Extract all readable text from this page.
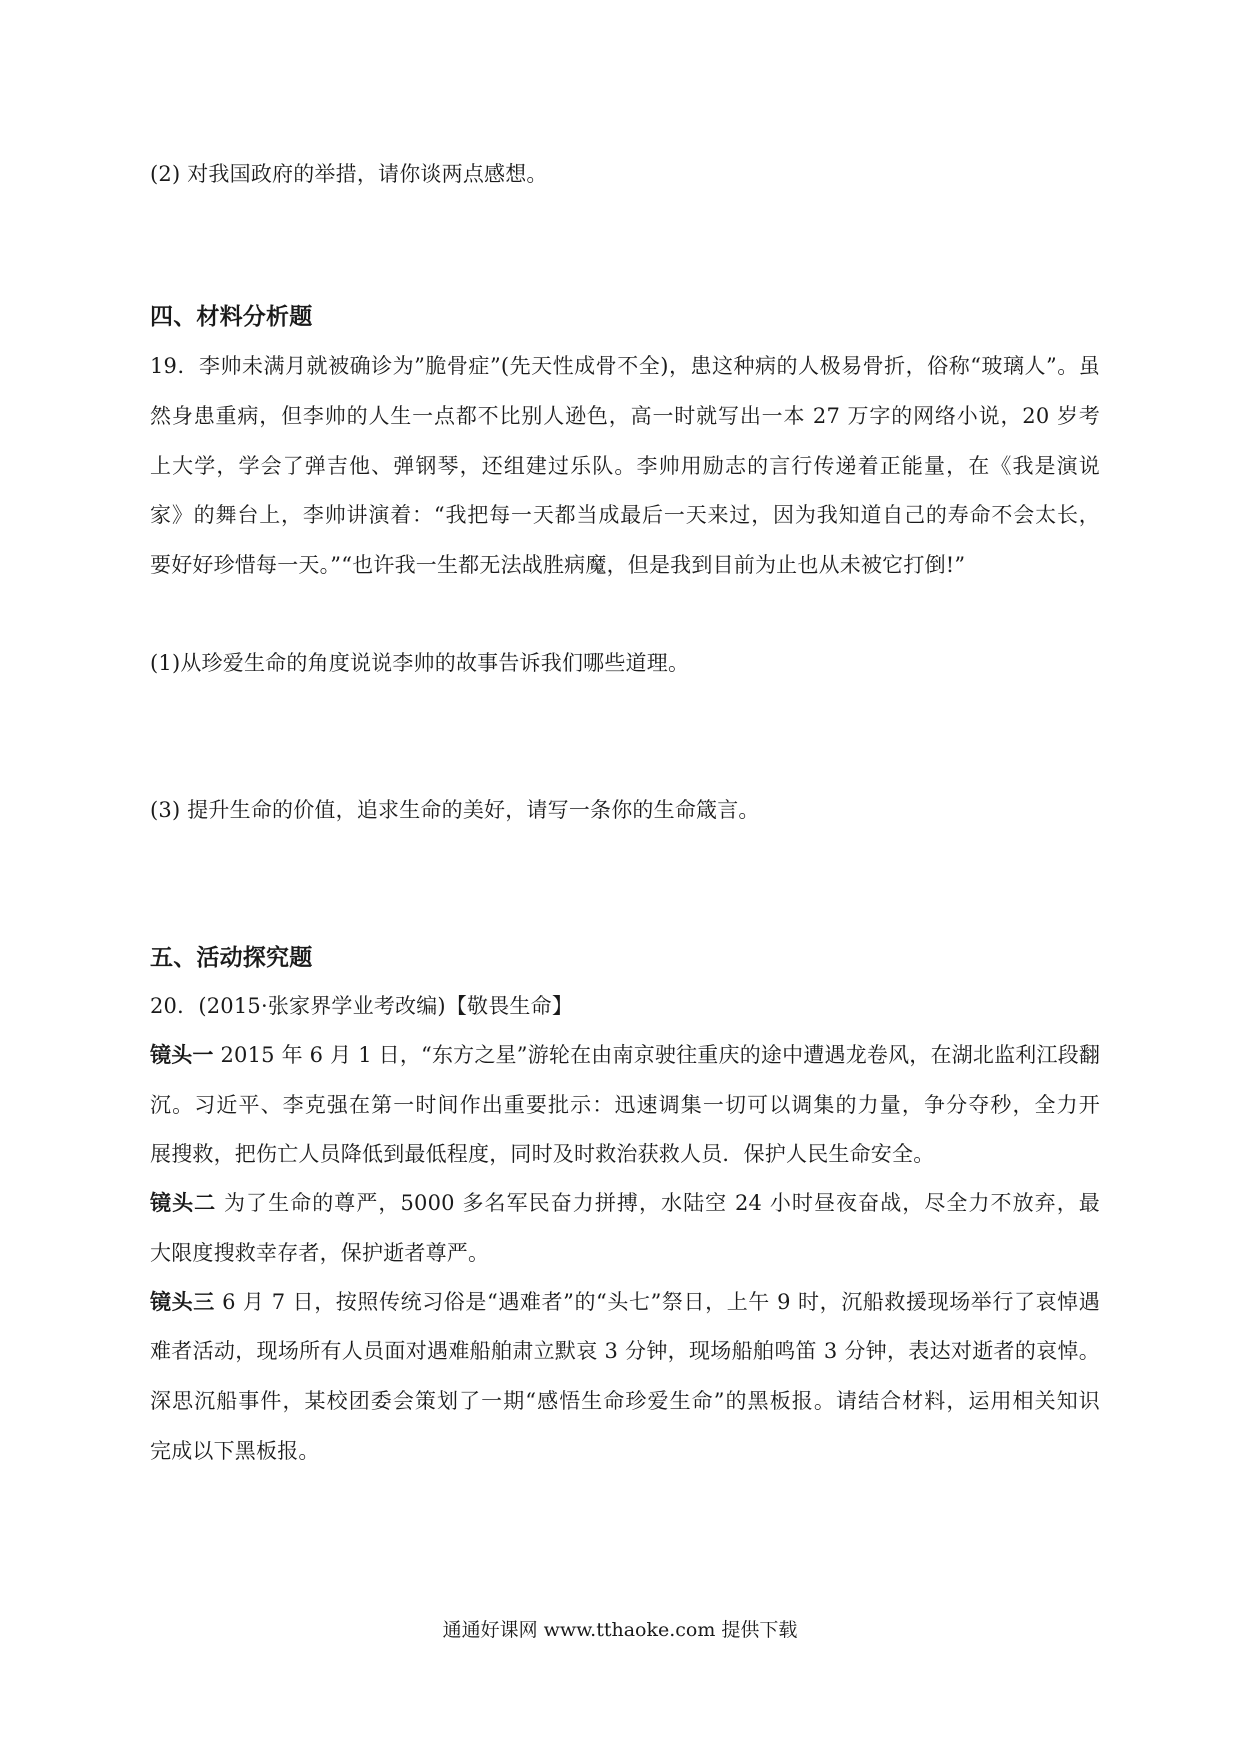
(2) 对我国政府的举措，请你谈两点感想。
四、材料分析题
19．李帅未满月就被确诊为”脆骨症”(先天性成骨不全)，患这种病的人极易骨折，俗称“玻璃人”。虽
然身患重病，但李帅的人生一点都不比别人逊色，高一时就写出一本 27 万字的网络小说，20 岁考
上大学，学会了弹吉他、弹钢琴，还组建过乐队。李帅用励志的言行传递着正能量，在《我是演说
家》的舞台上，李帅讲演着：“我把每一天都当成最后一天来过，因为我知道自己的寿命不会太长，
要好好珍惜每一天。”“也许我一生都无法战胜病魔，但是我到目前为止也从未被它打倒!”
(1)从珍爱生命的角度说说李帅的故事告诉我们哪些道理。
(3) 提升生命的价值，追求生命的美好，请写一条你的生命箴言。
五、活动探究题
20．(2015·张家界学业考改编)【敬畏生命】
镜头一 2015 年 6 月 1 日，“东方之星”游轮在由南京驶往重庆的途中遭遇龙卷风，在湖北监利江段翻
沉。习近平、李克强在第一时间作出重要批示：迅速调集一切可以调集的力量，争分夺秒，全力开
展搜救，把伤亡人员降低到最低程度，同时及时救治获救人员．保护人民生命安全。
镜头二 为了生命的尊严，5000 多名军民奋力拼搏，水陆空 24 小时昼夜奋战，尽全力不放弃，最
大限度搜救幸存者，保护逝者尊严。
镜头三 6 月 7 日，按照传统习俗是“遇难者”的“头七”祭日，上午 9 时，沉船救援现场举行了哀悼遇
难者活动，现场所有人员面对遇难船舶肃立默哀 3 分钟，现场船舶鸣笛 3 分钟，表达对逝者的哀悼。
深思沉船事件，某校团委会策划了一期“感悟生命珍爱生命”的黑板报。请结合材料，运用相关知识
完成以下黑板报。
通通好课网 www.tthaoke.com 提供下载
